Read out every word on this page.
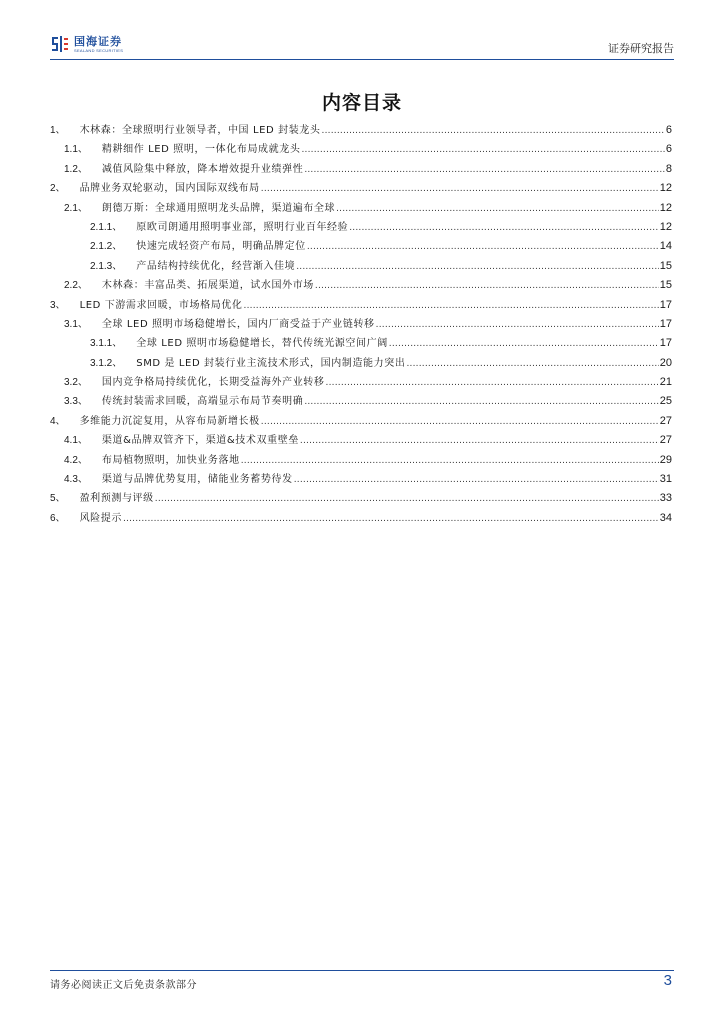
国海证券
SEALAND SECURITIES	证券研究报告
内容目录
1、 木林森：全球照明行业领导者，中国 LED 封装龙头 .....	6
1.1、 精耕细作 LED 照明，一体化布局成就龙头 .....	6
1.2、 减值风险集中释放，降本增效提升业绩弹性 .....	8
2、 品牌业务双轮驱动，国内国际双线布局 .....	12
2.1、 朗德万斯：全球通用照明龙头品牌，渠道遍布全球 .....	12
2.1.1、 原欧司朗通用照明事业部，照明行业百年经验 .....	12
2.1.2、 快速完成轻资产布局，明确品牌定位 .....	14
2.1.3、 产品结构持续优化，经营渐入佳境 .....	15
2.2、 木林森：丰富品类、拓展渠道，试水国外市场 .....	15
3、 LED 下游需求回暖，市场格局优化 .....	17
3.1、 全球 LED 照明市场稳健增长，国内厂商受益于产业链转移 .....	17
3.1.1、 全球 LED 照明市场稳健增长，替代传统光源空间广阔 .....	17
3.1.2、 SMD 是 LED 封装行业主流技术形式，国内制造能力突出 .....	20
3.2、 国内竞争格局持续优化，长期受益海外产业转移 .....	21
3.3、 传统封装需求回暖，高端显示布局节奏明确 .....	25
4、 多维能力沉淀复用，从容布局新增长极 .....	27
4.1、 渠道&品牌双管齐下，渠道&技术双重壁垒 .....	27
4.2、 布局植物照明，加快业务落地 .....	29
4.3、 渠道与品牌优势复用，储能业务蓄势待发 .....	31
5、 盈利预测与评级 .....	33
6、 风险提示 .....	34
请务必阅读正文后免责条款部分	3
